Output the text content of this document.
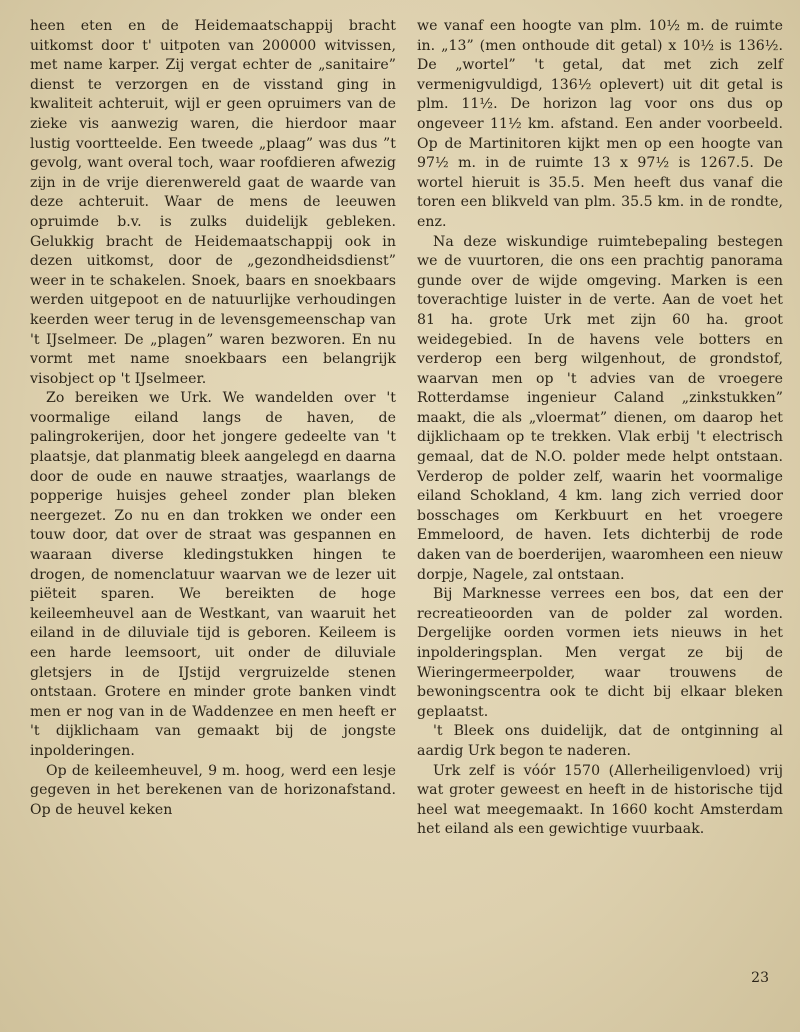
heen eten en de Heidemaatschappij bracht uitkomst door t' uitpoten van 200000 witvissen, met name karper. Zij vergat echter de „sanitaire” dienst te verzorgen en de visstand ging in kwaliteit achteruit, wijl er geen opruimers van de zieke vis aanwezig waren, die hierdoor maar lustig voortteelde. Een tweede „plaag” was dus ”t gevolg, want overal toch, waar roofdieren afwezig zijn in de vrije dierenwereld gaat de waarde van deze achteruit. Waar de mens de leeuwen opruimde b.v. is zulks duidelijk gebleken. Gelukkig bracht de Heidemaatschappij ook in dezen uitkomst, door de „gezondheidsdienst” weer in te schakelen. Snoek, baars en snoekbaars werden uitgepoot en de natuurlijke verhoudingen keerden weer terug in de levensgemeenschap van 't IJselmeer. De „plagen” waren bezworen. En nu vormt met name snoekbaars een belangrijk visobject op 't IJselmeer.

Zo bereiken we Urk. We wandelden over 't voormalige eiland langs de haven, de palingrokerijen, door het jongere gedeelte van 't plaatsje, dat planmatig bleek aangelegd en daarna door de oude en nauwe straatjes, waarlangs de popperige huisjes geheel zonder plan bleken neergezet. Zo nu en dan trokken we onder een touw door, dat over de straat was gespannen en waaraan diverse kledingstukken hingen te drogen, de nomenclatuur waarvan we de lezer uit piëteit sparen. We bereikten de hoge keileemheuvel aan de Westkant, van waaruit het eiland in de diluviale tijd is geboren. Keileem is een harde leemsoort, uit onder de diluviale gletsjers in de IJstijd vergruizelde stenen ontstaan. Grotere en minder grote banken vindt men er nog van in de Waddenzee en men heeft er 't dijklichaam van gemaakt bij de jongste inpolderingen.

Op de keileemheuvel, 9 m. hoog, werd een lesje gegeven in het berekenen van de horizonafstand. Op de heuvel keken

we vanaf een hoogte van plm. 10½ m. de ruimte in. „13” (men onthoude dit getal) x 10½ is 136½. De „wortel” 't getal, dat met zich zelf vermenigvuldigd, 136½ oplevert) uit dit getal is plm. 11½. De horizon lag voor ons dus op ongeveer 11½ km. afstand. Een ander voorbeeld. Op de Martinitoren kijkt men op een hoogte van 97½ m. in de ruimte 13 x 97½ is 1267.5. De wortel hieruit is 35.5. Men heeft dus vanaf die toren een blikveld van plm. 35.5 km. in de rondte, enz.

Na deze wiskundige ruimtebepaling bestegen we de vuurtoren, die ons een prachtig panorama gunde over de wijde omgeving. Marken is een toverachtige luister in de verte. Aan de voet het 81 ha. grote Urk met zijn 60 ha. groot weidegebied. In de havens vele botters en verderop een berg wilgenhout, de grondstof, waarvan men op 't advies van de vroegere Rotterdamse ingenieur Caland „zinkstukken” maakt, die als „vloermat” dienen, om daarop het dijklichaam op te trekken. Vlak erbij 't electrisch gemaal, dat de N.O. polder mede helpt ontstaan. Verderop de polder zelf, waarin het voormalige eiland Schokland, 4 km. lang zich verried door bosschages om Kerkbuurt en het vroegere Emmeloord, de haven. Iets dichterbij de rode daken van de boerderijen, waaromheen een nieuw dorpje, Nagele, zal ontstaan.

Bij Marknesse verrees een bos, dat een der recreatieoorden van de polder zal worden. Dergelijke oorden vormen iets nieuws in het inpolderingsplan. Men vergat ze bij de Wieringermeerpolder, waar trouwens de bewoningscentra ook te dicht bij elkaar bleken geplaatst.

't Bleek ons duidelijk, dat de ontginning al aardig Urk begon te naderen.

Urk zelf is vóór 1570 (Allerheiligenvloed) vrij wat groter geweest en heeft in de historische tijd heel wat meegemaakt. In 1660 kocht Amsterdam het eiland als een gewichtige vuurbaak.

23
